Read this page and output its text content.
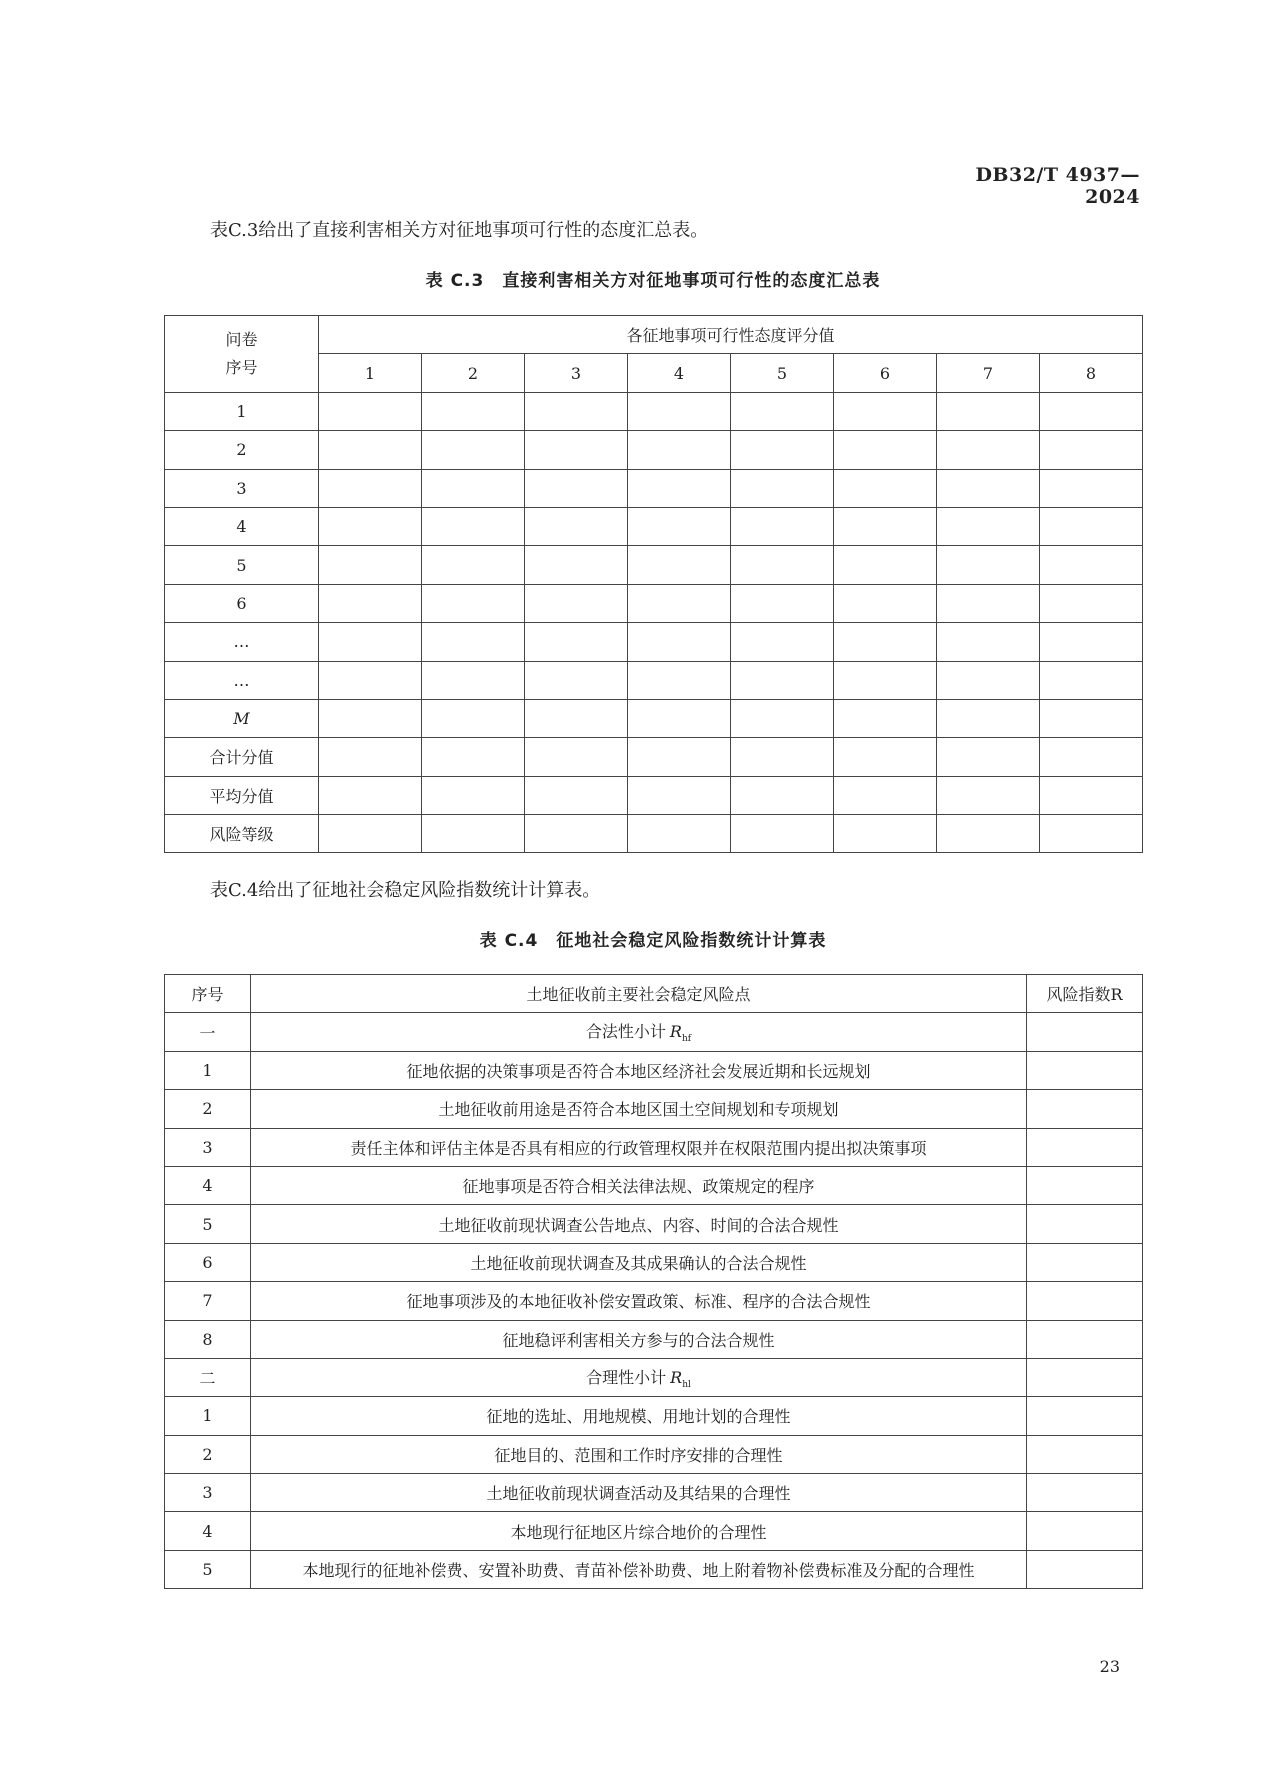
DB32/T 4937—2024
表C.3给出了直接利害相关方对征地事项可行性的态度汇总表。
表 C.3　直接利害相关方对征地事项可行性的态度汇总表
问卷
序号	各征地事项可行性态度评分值							
	1	2	3	4	5	6	7	8
1								
2								
3								
4								
5								
6								
…								
…								
M								
合计分值								
平均分值								
风险等级								
表C.4给出了征地社会稳定风险指数统计计算表。
表 C.4　征地社会稳定风险指数统计计算表
序号	土地征收前主要社会稳定风险点	风险指数R
一	合法性小计 $R_{hf}$	
1	征地依据的决策事项是否符合本地区经济社会发展近期和长远规划	
2	土地征收前用途是否符合本地区国土空间规划和专项规划	
3	责任主体和评估主体是否具有相应的行政管理权限并在权限范围内提出拟决策事项	
4	征地事项是否符合相关法律法规、政策规定的程序	
5	土地征收前现状调查公告地点、内容、时间的合法合规性	
6	土地征收前现状调查及其成果确认的合法合规性	
7	征地事项涉及的本地征收补偿安置政策、标准、程序的合法合规性	
8	征地稳评利害相关方参与的合法合规性	
二	合理性小计 $R_{hl}$	
1	征地的选址、用地规模、用地计划的合理性	
2	征地目的、范围和工作时序安排的合理性	
3	土地征收前现状调查活动及其结果的合理性	
4	本地现行征地区片综合地价的合理性	
5	本地现行的征地补偿费、安置补助费、青苗补偿补助费、地上附着物补偿费标准及分配的合理性	
23
